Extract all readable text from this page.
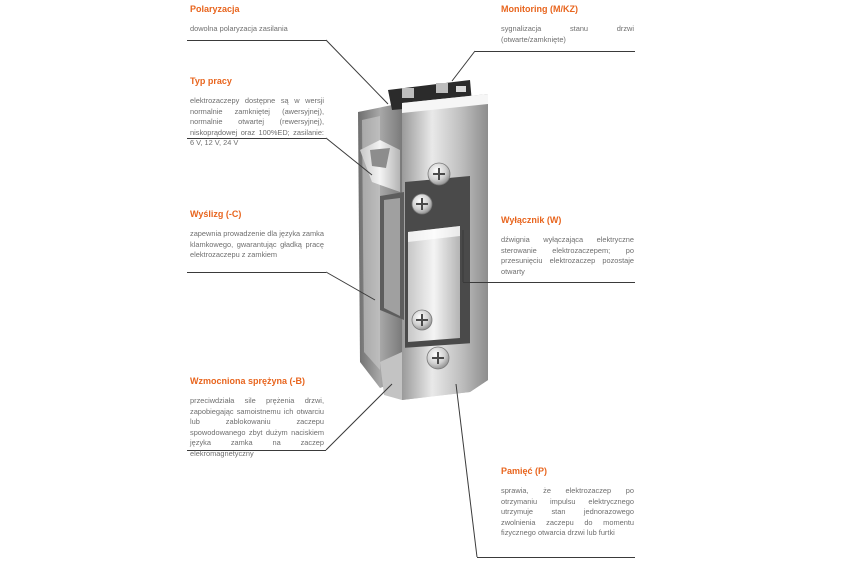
Polaryzacja
dowolna polaryzacja zasilania
Typ pracy
elektrozaczepy dostępne są w wersji normalnie zamkniętej (awersyjnej), normalnie otwartej (rewersyjnej), niskoprądowej oraz 100%ED; zasilanie: 6 V, 12 V, 24 V
Wyślizg (-C)
zapewnia prowadzenie dla języka zamka klamkowego, gwarantując gładką pracę elektrozaczepu z zamkiem
Wzmocniona sprężyna (-B)
przeciwdziała sile prężenia drzwi, zapobiegając samoistnemu ich otwarciu lub zablokowaniu zaczepu spowodowanego zbyt dużym naciskiem języka zamka na zaczep elekromagnetyczny
Monitoring (M/KZ)
sygnalizacja stanu drzwi (otwarte/zamknięte)
Wyłącznik (W)
dźwignia wyłączająca elektryczne sterowanie elektrozaczepem; po przesunięciu elektrozaczep pozostaje otwarty
Pamięć (P)
sprawia, że elektrozaczep po otrzymaniu impulsu elektrycznego utrzymuje stan jednorazowego zwolnienia zaczepu do momentu fizycznego otwarcia drzwi lub furtki
